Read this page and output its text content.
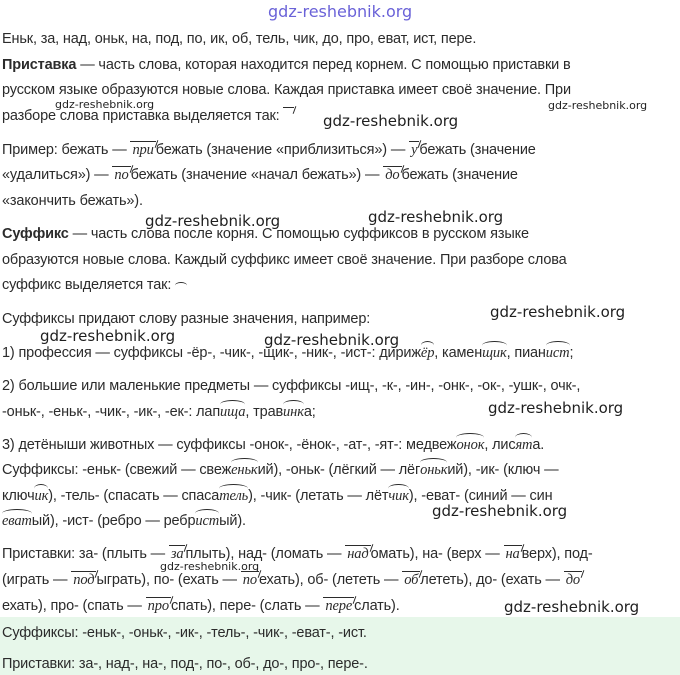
gdz-reshebnik.org
Еньк, за, над, оньк, на, под, по, ик, об, тель, чик, до, про, еват, ист, пере.
Приставка — часть слова, которая находится перед корнем. С помощью приставки в
русском языке образуются новые слова. Каждая приставка имеет своё значение. При
разборе слова приставка выделяется так:	gdz-reshebnik.org
gdz-reshebnik.org	gdz-reshebnik.org
Пример: бежать — при бежать (значение «приблизиться») — у бежать (значение
«удалиться») — по бежать (значение «начал бежать») — до бежать (значение
«закончить бежать»).
gdz-reshebnik.org	gdz-reshebnik.org
Суффикс — часть слова после корня. С помощью суффиксов в русском языке
образуются новые слова. Каждый суффикс имеет своё значение. При разборе слова
суффикс выделяется так:
gdz-reshebnik.org
Суффиксы придают слову разные значения, например:
gdz-reshebnik.org	gdz-reshebnik.org
1) профессия — суффиксы -ёр-, -чик-, -щик-, -ник-, -ист-: дирижёр, каменщик, пианист;
2) большие или маленькие предметы — суффиксы -ищ-, -к-, -ин-, -онк-, -ок-, -ушк-, очк-,
-оньк-, -еньк-, -чик-, -ик-, -ек-: лапища, травинка;	gdz-reshebnik.org
3) детёныши животных — суффиксы -онок-, -ёнок-, -ат-, -ят-: медвежонок, лисята.
Суффиксы: -еньк- (свежий — свеженький), -оньк- (лёгкий — лёгонький), -ик- (ключ —
ключик), -тель- (спасать — спасатель), -чик- (летать — лётчик), -еват- (синий — син
gdz-reshebnik.org
еватый), -ист- (ребро — ребристый).
Приставки: за- (плыть — за плыть), над- (ломать — над омать), на- (верх — на верх), под-
gdz-reshebnik.org
(играть — под ыграть), по- (ехать — по ехать), об- (лететь — об лететь), до- (ехать — до
ехать), про- (спать — про спать), пере- (слать — пере слать).	gdz-reshebnik.org
Суффиксы: -еньк-, -оньк-, -ик-, -тель-, -чик-, -еват-, -ист.
Приставки: за-, над-, на-, под-, по-, об-, до-, про-, пере-.
